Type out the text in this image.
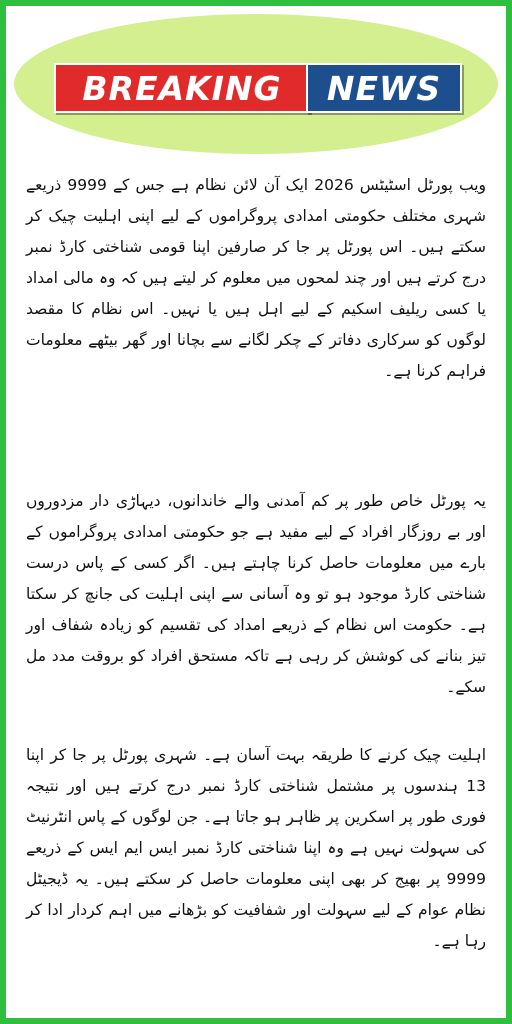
BREAKING	NEWS
ویب پورٹل اسٹیٹس 2026 ایک آن لائن نظام ہے جس کے 9999 ذریعے شہری مختلف حکومتی امدادی پروگراموں کے لیے اپنی اہلیت چیک کر سکتے ہیں۔ اس پورٹل پر جا کر صارفین اپنا قومی شناختی کارڈ نمبر درج کرتے ہیں اور چند لمحوں میں معلوم کر لیتے ہیں کہ وہ مالی امداد یا کسی ریلیف اسکیم کے لیے اہل ہیں یا نہیں۔ اس نظام کا مقصد لوگوں کو سرکاری دفاتر کے چکر لگانے سے بچانا اور گھر بیٹھے معلومات فراہم کرنا ہے۔
یہ پورٹل خاص طور پر کم آمدنی والے خاندانوں، دیہاڑی دار مزدوروں اور بے روزگار افراد کے لیے مفید ہے جو حکومتی امدادی پروگراموں کے بارے میں معلومات حاصل کرنا چاہتے ہیں۔ اگر کسی کے پاس درست شناختی کارڈ موجود ہو تو وہ آسانی سے اپنی اہلیت کی جانچ کر سکتا ہے۔ حکومت اس نظام کے ذریعے امداد کی تقسیم کو زیادہ شفاف اور تیز بنانے کی کوشش کر رہی ہے تاکہ مستحق افراد کو بروقت مدد مل سکے۔
اہلیت چیک کرنے کا طریقہ بہت آسان ہے۔ شہری پورٹل پر جا کر اپنا 13 ہندسوں پر مشتمل شناختی کارڈ نمبر درج کرتے ہیں اور نتیجہ فوری طور پر اسکرین پر ظاہر ہو جاتا ہے۔ جن لوگوں کے پاس انٹرنیٹ کی سہولت نہیں ہے وہ اپنا شناختی کارڈ نمبر ایس ایم ایس کے ذریعے 9999 پر بھیج کر بھی اپنی معلومات حاصل کر سکتے ہیں۔ یہ ڈیجیٹل نظام عوام کے لیے سہولت اور شفافیت کو بڑھانے میں اہم کردار ادا کر رہا ہے۔
